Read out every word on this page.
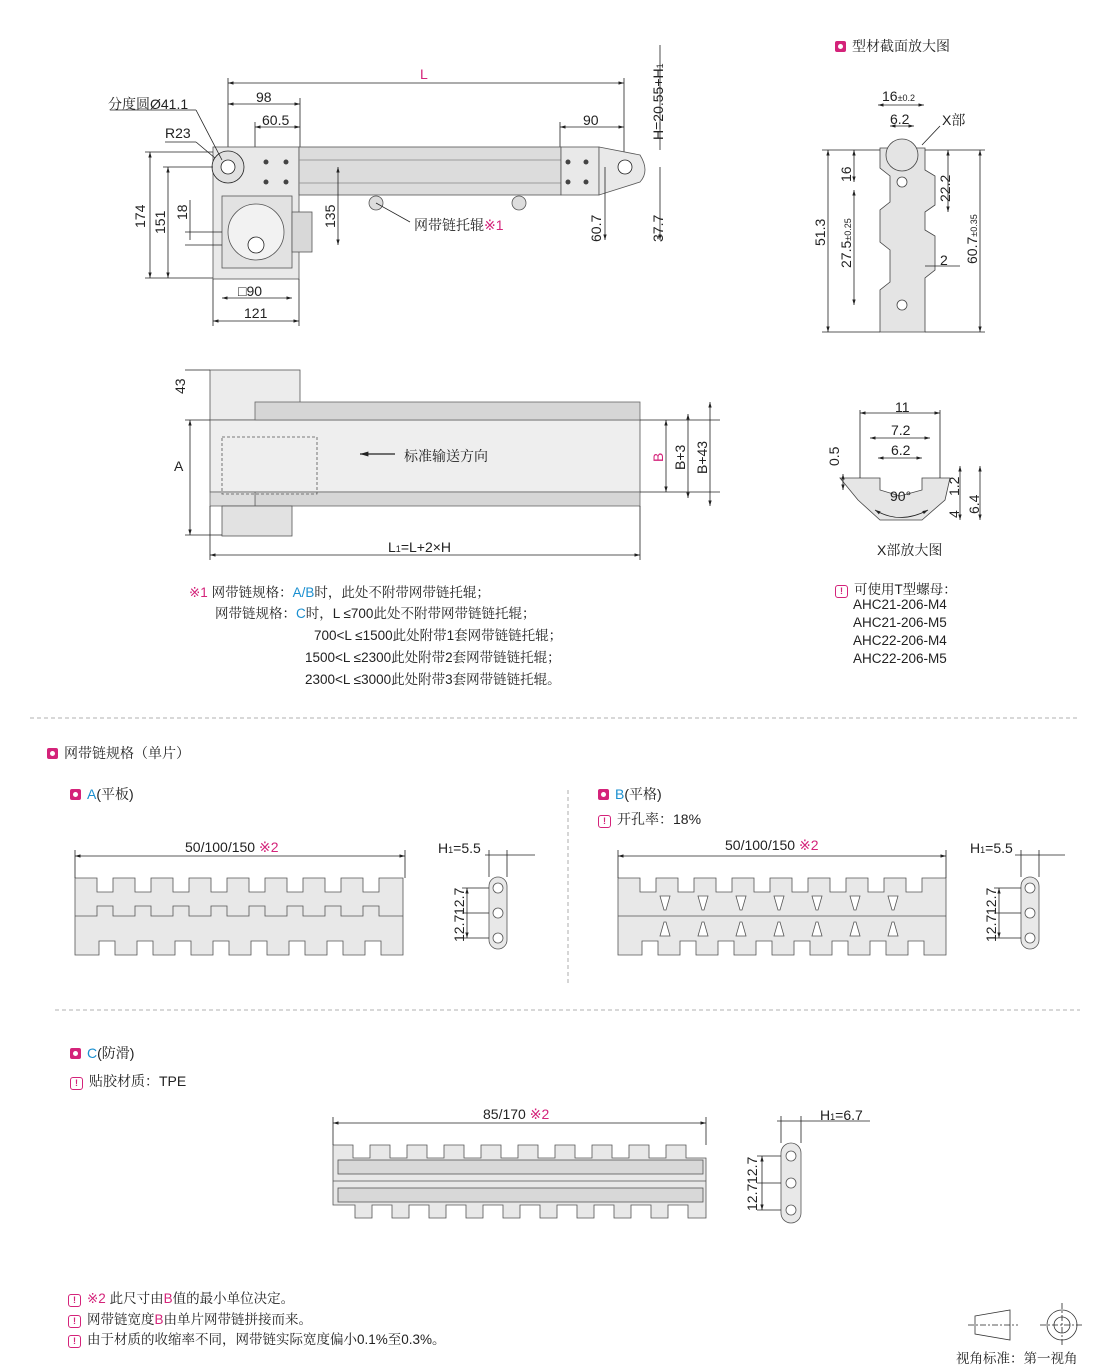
L	H=20.55+H1
分度圆Ø41.1
R23
98
60.5	90
174 151 18	135	60.7	37.7
□90
121
网带链托辊※1
型材截面放大图
16±0.2
6.2 X部
51.3
16
27.5±0.25
22.2
60.7±0.35
2
43
A
B B+3 B+43
标准输送方向
L1=L+2×H
11
7.2
6.2
0.5
90° 1.2
4
6.4
X部放大图
※1 网带链规格：A/B时，此处不附带网带链托辊；
网带链规格：C时，L ≤700此处不附带网带链链托辊；
700<L ≤1500此处附带1套网带链链托辊；
1500<L ≤2300此处附带2套网带链链托辊；
2300<L ≤3000此处附带3套网带链链托辊。
! 可使用T型螺母：
AHC21-206-M4
AHC21-206-M5
AHC22-206-M4
AHC22-206-M5
网带链规格（单片）
A(平板)
50/100/150 ※2	H1=5.5
12.7
12.7
B(平格)
! 开孔率：18%
50/100/150 ※2	H1=5.5
12.7
12.7
C(防滑)
! 贴胶材质：TPE
85/170 ※2	H1=6.7
12.7
12.7
! ※2 此尺寸由B值的最小单位决定。
! 网带链宽度B由单片网带链拼接而来。
! 由于材质的收缩率不同，网带链实际宽度偏小0.1%至0.3%。
视角标准：第一视角
